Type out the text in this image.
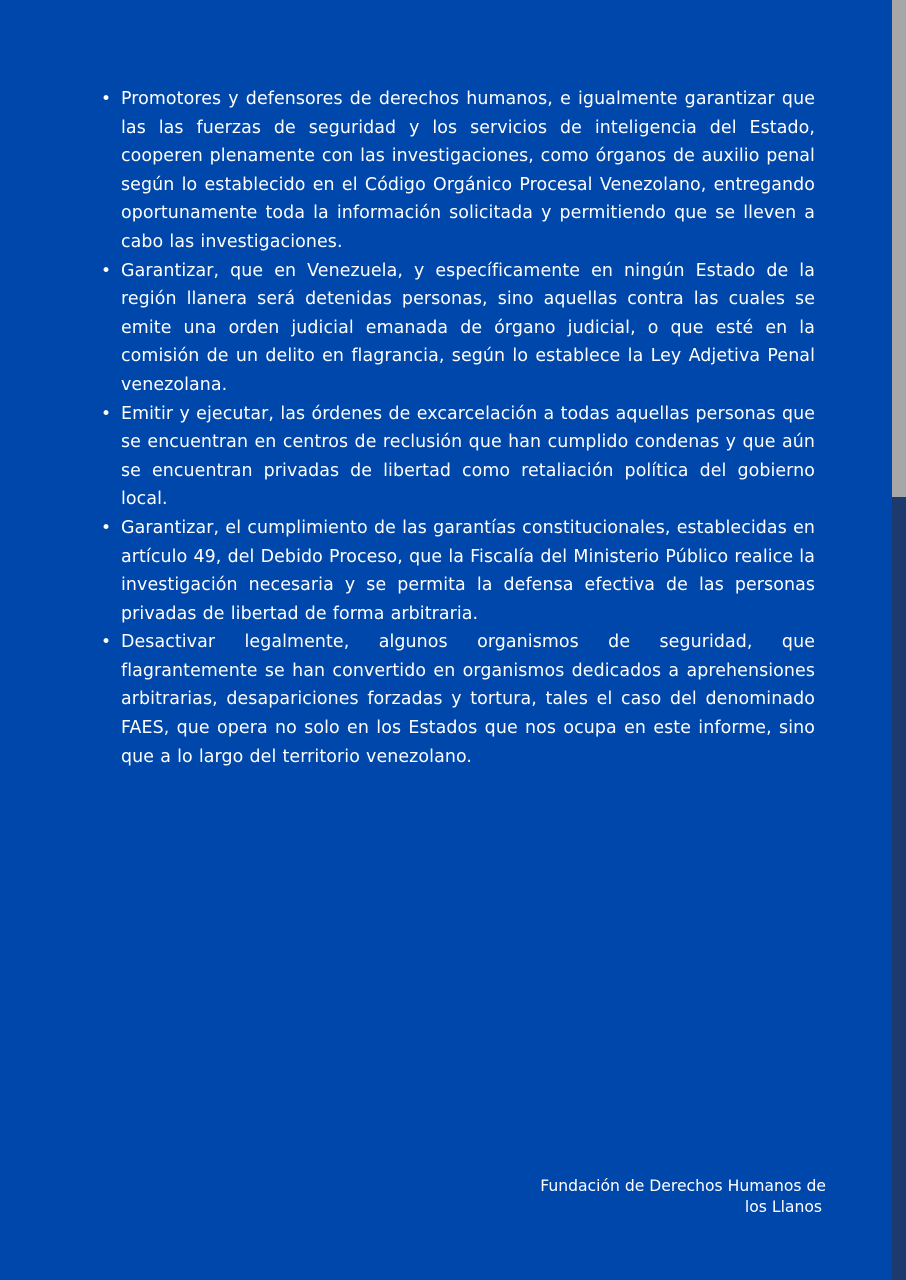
• Promotores y defensores de derechos humanos, e igualmente garantizar que las las fuerzas de seguridad y los servicios de inteligencia del Estado, cooperen plenamente con las investigaciones, como órganos de auxilio penal según lo establecido en el Código Orgánico Procesal Venezolano, entregando oportunamente toda la información solicitada y permitiendo que se lleven a cabo las investigaciones.
• Garantizar, que en Venezuela, y específicamente en ningún Estado de la región llanera será detenidas personas, sino aquellas contra las cuales se emite una orden judicial emanada de órgano judicial, o que esté en la comisión de un delito en flagrancia, según lo establece la Ley Adjetiva Penal venezolana.
• Emitir y ejecutar, las órdenes de excarcelación a todas aquellas personas que se encuentran en centros de reclusión que han cumplido condenas y que aún se encuentran privadas de libertad como retaliación política del gobierno local.
• Garantizar, el cumplimiento de las garantías constitucionales, establecidas en artículo 49, del Debido Proceso, que la Fiscalía del Ministerio Público realice la investigación necesaria y se permita la defensa efectiva de las personas privadas de libertad de forma arbitraria.
• Desactivar legalmente, algunos organismos de seguridad, que flagrantemente se han convertido en organismos dedicados a aprehensiones arbitrarias, desapariciones forzadas y tortura, tales el caso del denominado FAES, que opera no solo en los Estados que nos ocupa en este informe, sino que a lo largo del territorio venezolano.
Fundación de Derechos Humanos de
los Llanos
